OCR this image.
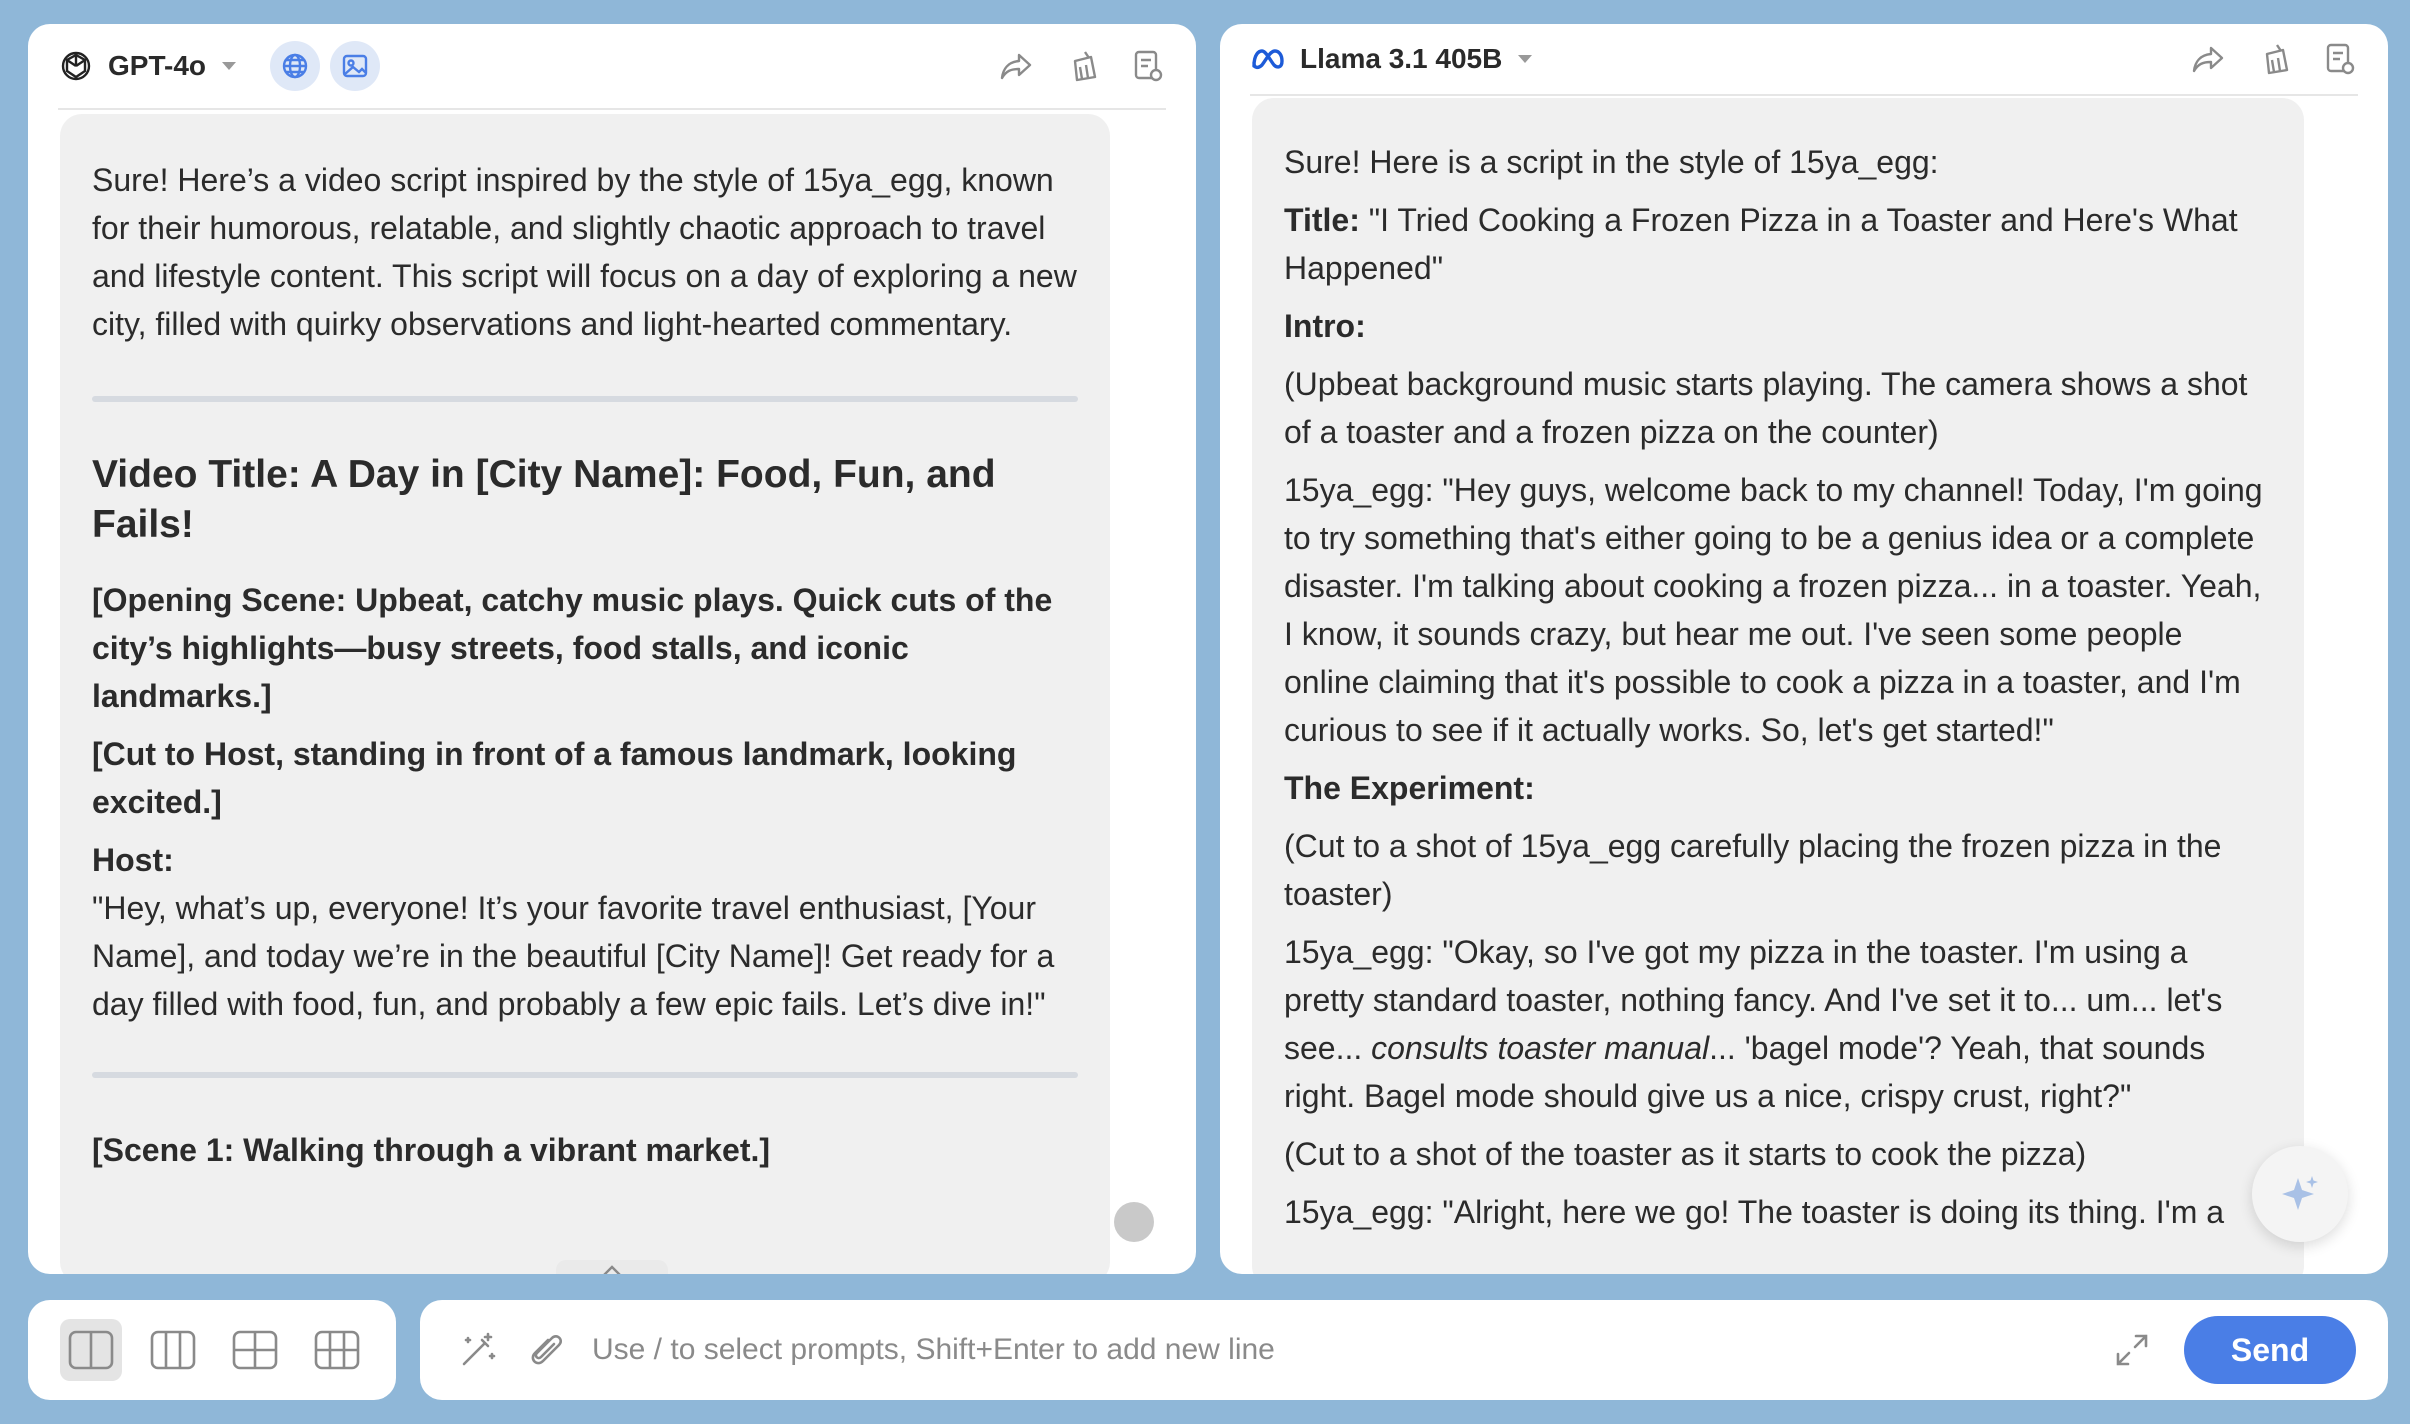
GPT-4o

Sure! Here’s a video script inspired by the style of 15ya_egg, known for their humorous, relatable, and slightly chaotic approach to travel and lifestyle content. This script will focus on a day of exploring a new city, filled with quirky observations and light-hearted commentary.

Video Title: A Day in [City Name]: Food, Fun, and Fails!

[Opening Scene: Upbeat, catchy music plays. Quick cuts of the city’s highlights—busy streets, food stalls, and iconic landmarks.]

[Cut to Host, standing in front of a famous landmark, looking excited.]

Host:

"Hey, what’s up, everyone! It’s your favorite travel enthusiast, [Your Name], and today we’re in the beautiful [City Name]! Get ready for a day filled with food, fun, and probably a few epic fails. Let’s dive in!"

[Scene 1: Walking through a vibrant market.]

Llama 3.1 405B

Sure! Here is a script in the style of 15ya_egg:

Title: "I Tried Cooking a Frozen Pizza in a Toaster and Here's What Happened"

Intro:

(Upbeat background music starts playing. The camera shows a shot of a toaster and a frozen pizza on the counter)

15ya_egg: "Hey guys, welcome back to my channel! Today, I'm going to try something that's either going to be a genius idea or a complete disaster. I'm talking about cooking a frozen pizza... in a toaster. Yeah, I know, it sounds crazy, but hear me out. I've seen some people online claiming that it's possible to cook a pizza in a toaster, and I'm curious to see if it actually works. So, let's get started!"

The Experiment:

(Cut to a shot of 15ya_egg carefully placing the frozen pizza in the toaster)

15ya_egg: "Okay, so I've got my pizza in the toaster. I'm using a pretty standard toaster, nothing fancy. And I've set it to... um... let's see... consults toaster manual... 'bagel mode'? Yeah, that sounds right. Bagel mode should give us a nice, crispy crust, right?"

(Cut to a shot of the toaster as it starts to cook the pizza)

15ya_egg: "Alright, here we go! The toaster is doing its thing. I'm a

Use / to select prompts, Shift+Enter to add new line
Send
